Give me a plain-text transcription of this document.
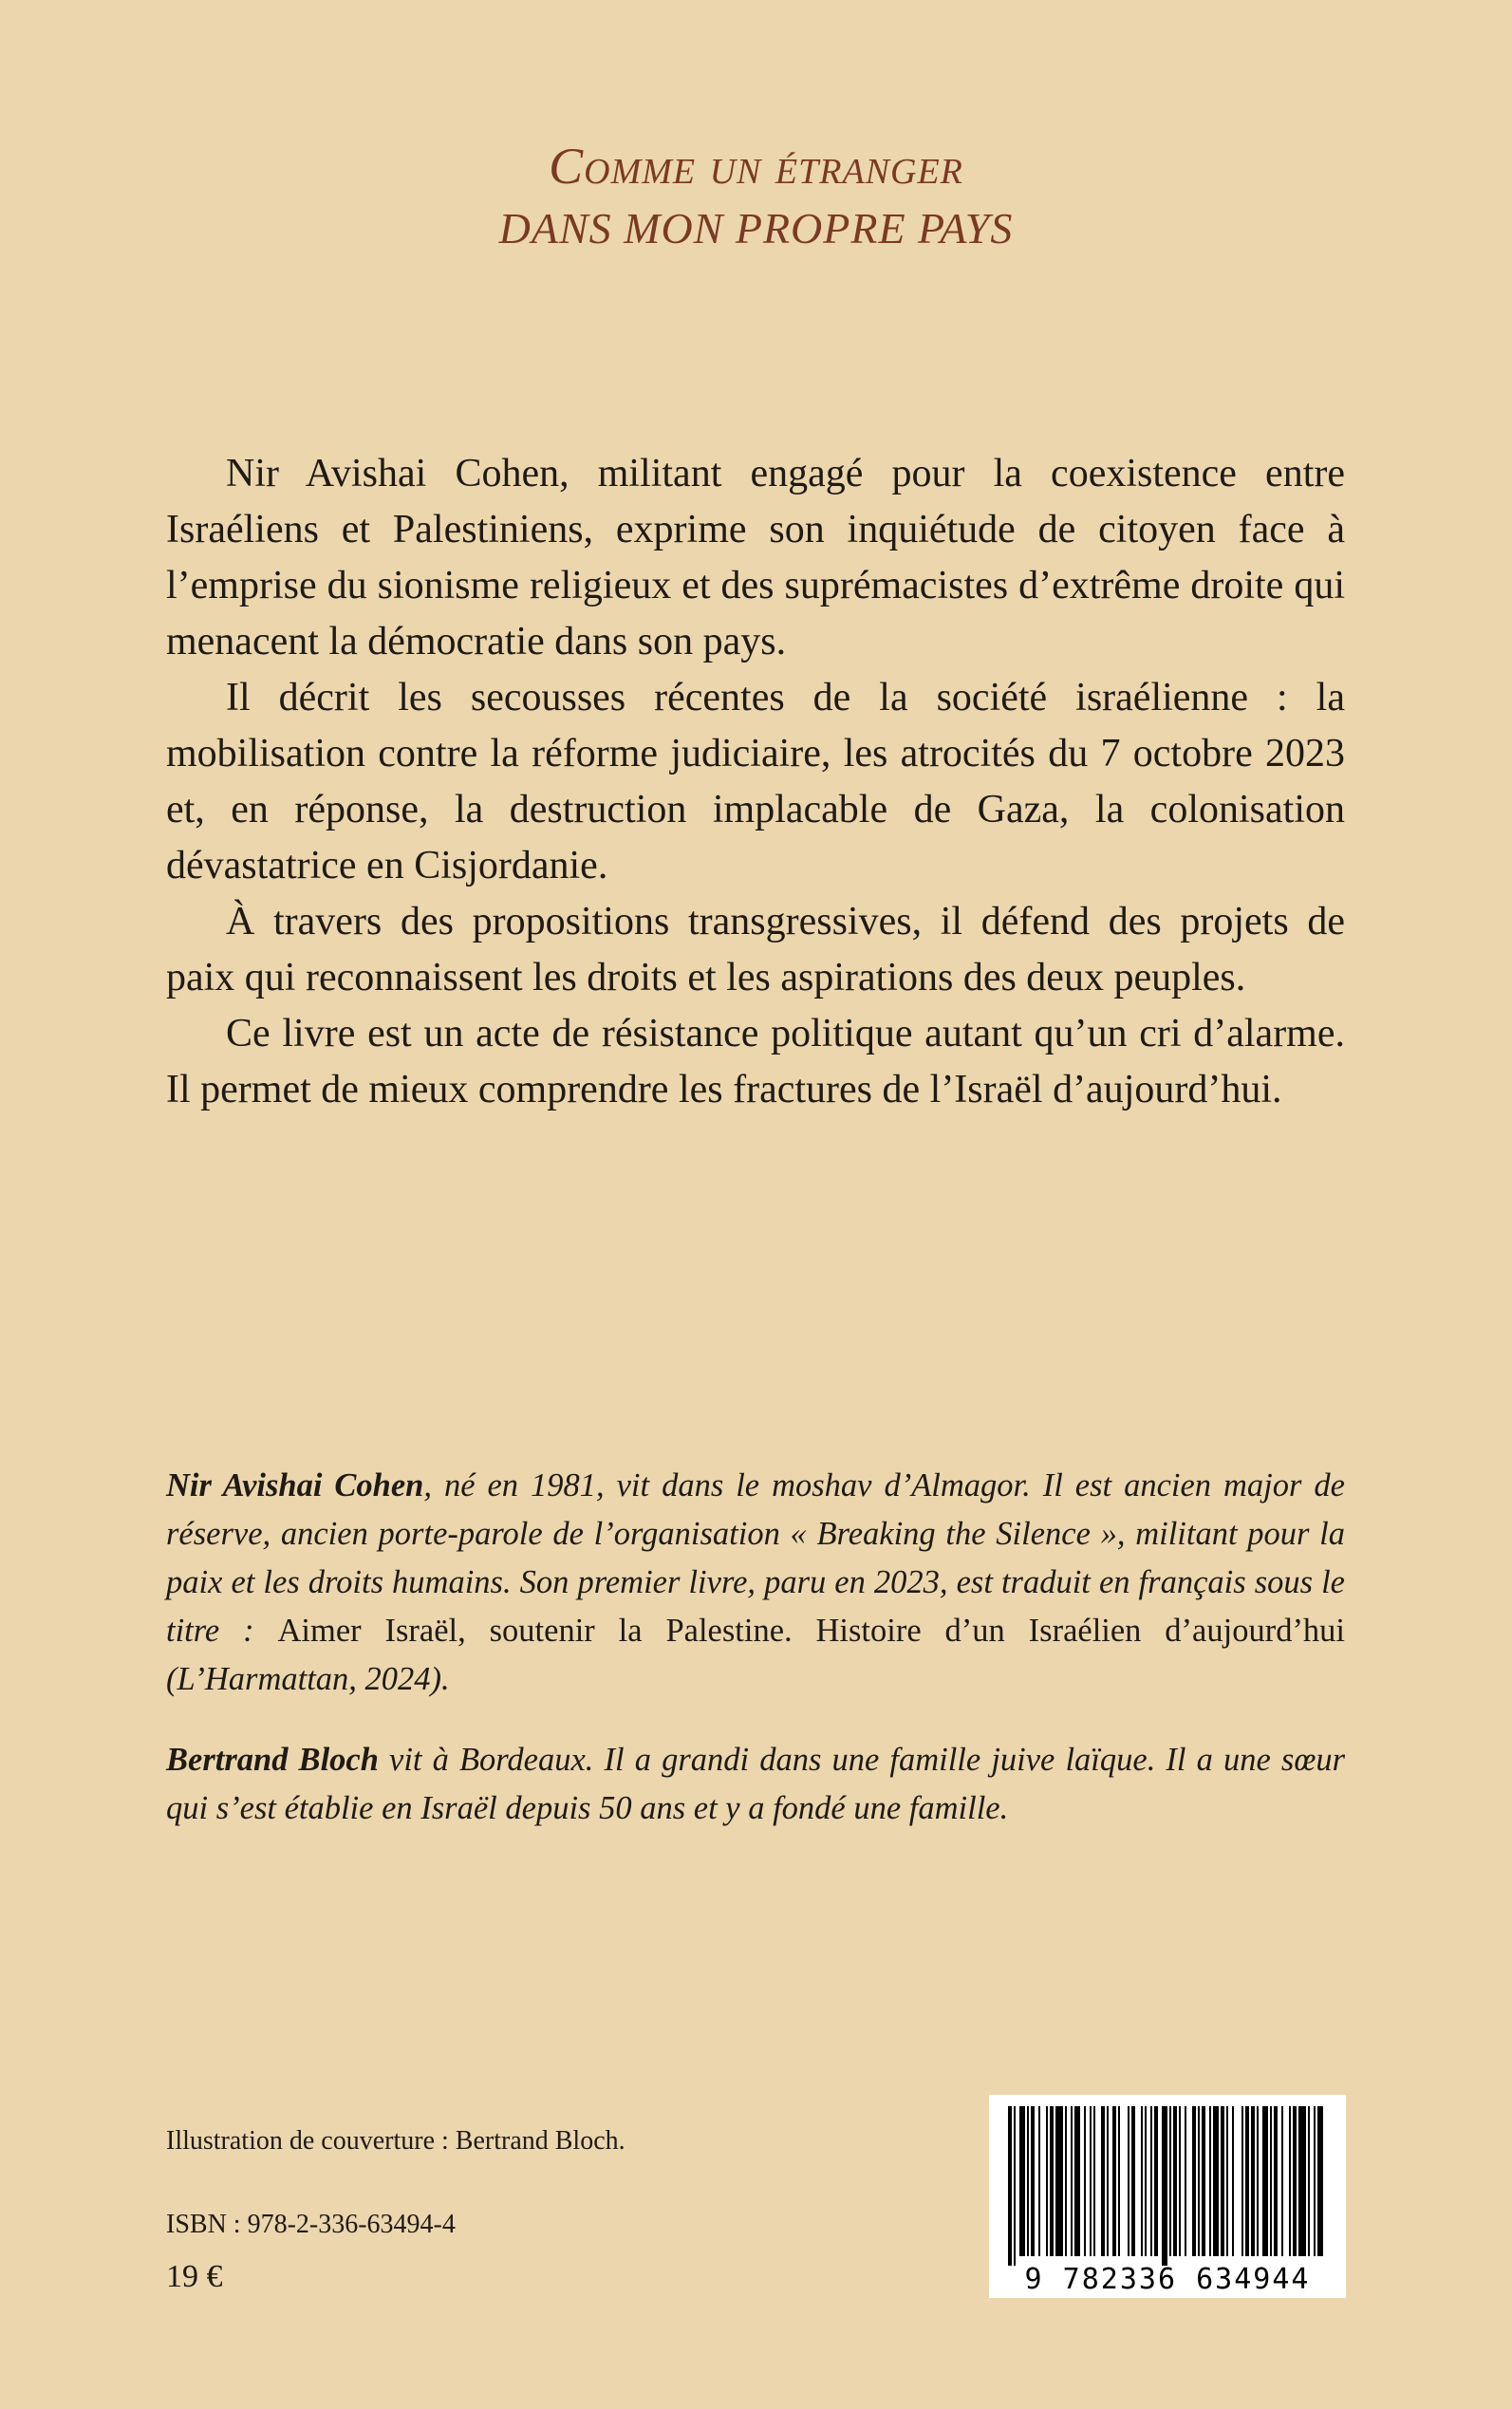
Comme un étranger
DANS MON PROPRE PAYS

Nir Avishai Cohen, militant engagé pour la coexistence entre Israéliens et Palestiniens, exprime son inquiétude de citoyen face à l’emprise du sionisme religieux et des suprémacistes d’extrême droite qui menacent la démocratie dans son pays.

Il décrit les secousses récentes de la société israélienne : la mobilisation contre la réforme judiciaire, les atrocités du 7 octobre 2023 et, en réponse, la destruction implacable de Gaza, la colonisation dévastatrice en Cisjordanie.

À travers des propositions transgressives, il défend des projets de paix qui reconnaissent les droits et les aspirations des deux peuples.

Ce livre est un acte de résistance politique autant qu’un cri d’alarme. Il permet de mieux comprendre les fractures de l’Israël d’aujourd’hui.

Nir Avishai Cohen, né en 1981, vit dans le moshav d’Almagor. Il est ancien major de réserve, ancien porte-parole de l’organisation « Breaking the Silence », militant pour la paix et les droits humains. Son premier livre, paru en 2023, est traduit en français sous le titre : Aimer Israël, soutenir la Palestine. Histoire d’un Israélien d’aujourd’hui (L’Harmattan, 2024).

Bertrand Bloch vit à Bordeaux. Il a grandi dans une famille juive laïque. Il a une sœur qui s’est établie en Israël depuis 50 ans et y a fondé une famille.

Illustration de couverture : Bertrand Bloch.
ISBN : 978-2-336-63494-4
19 €	9 782336 634944
